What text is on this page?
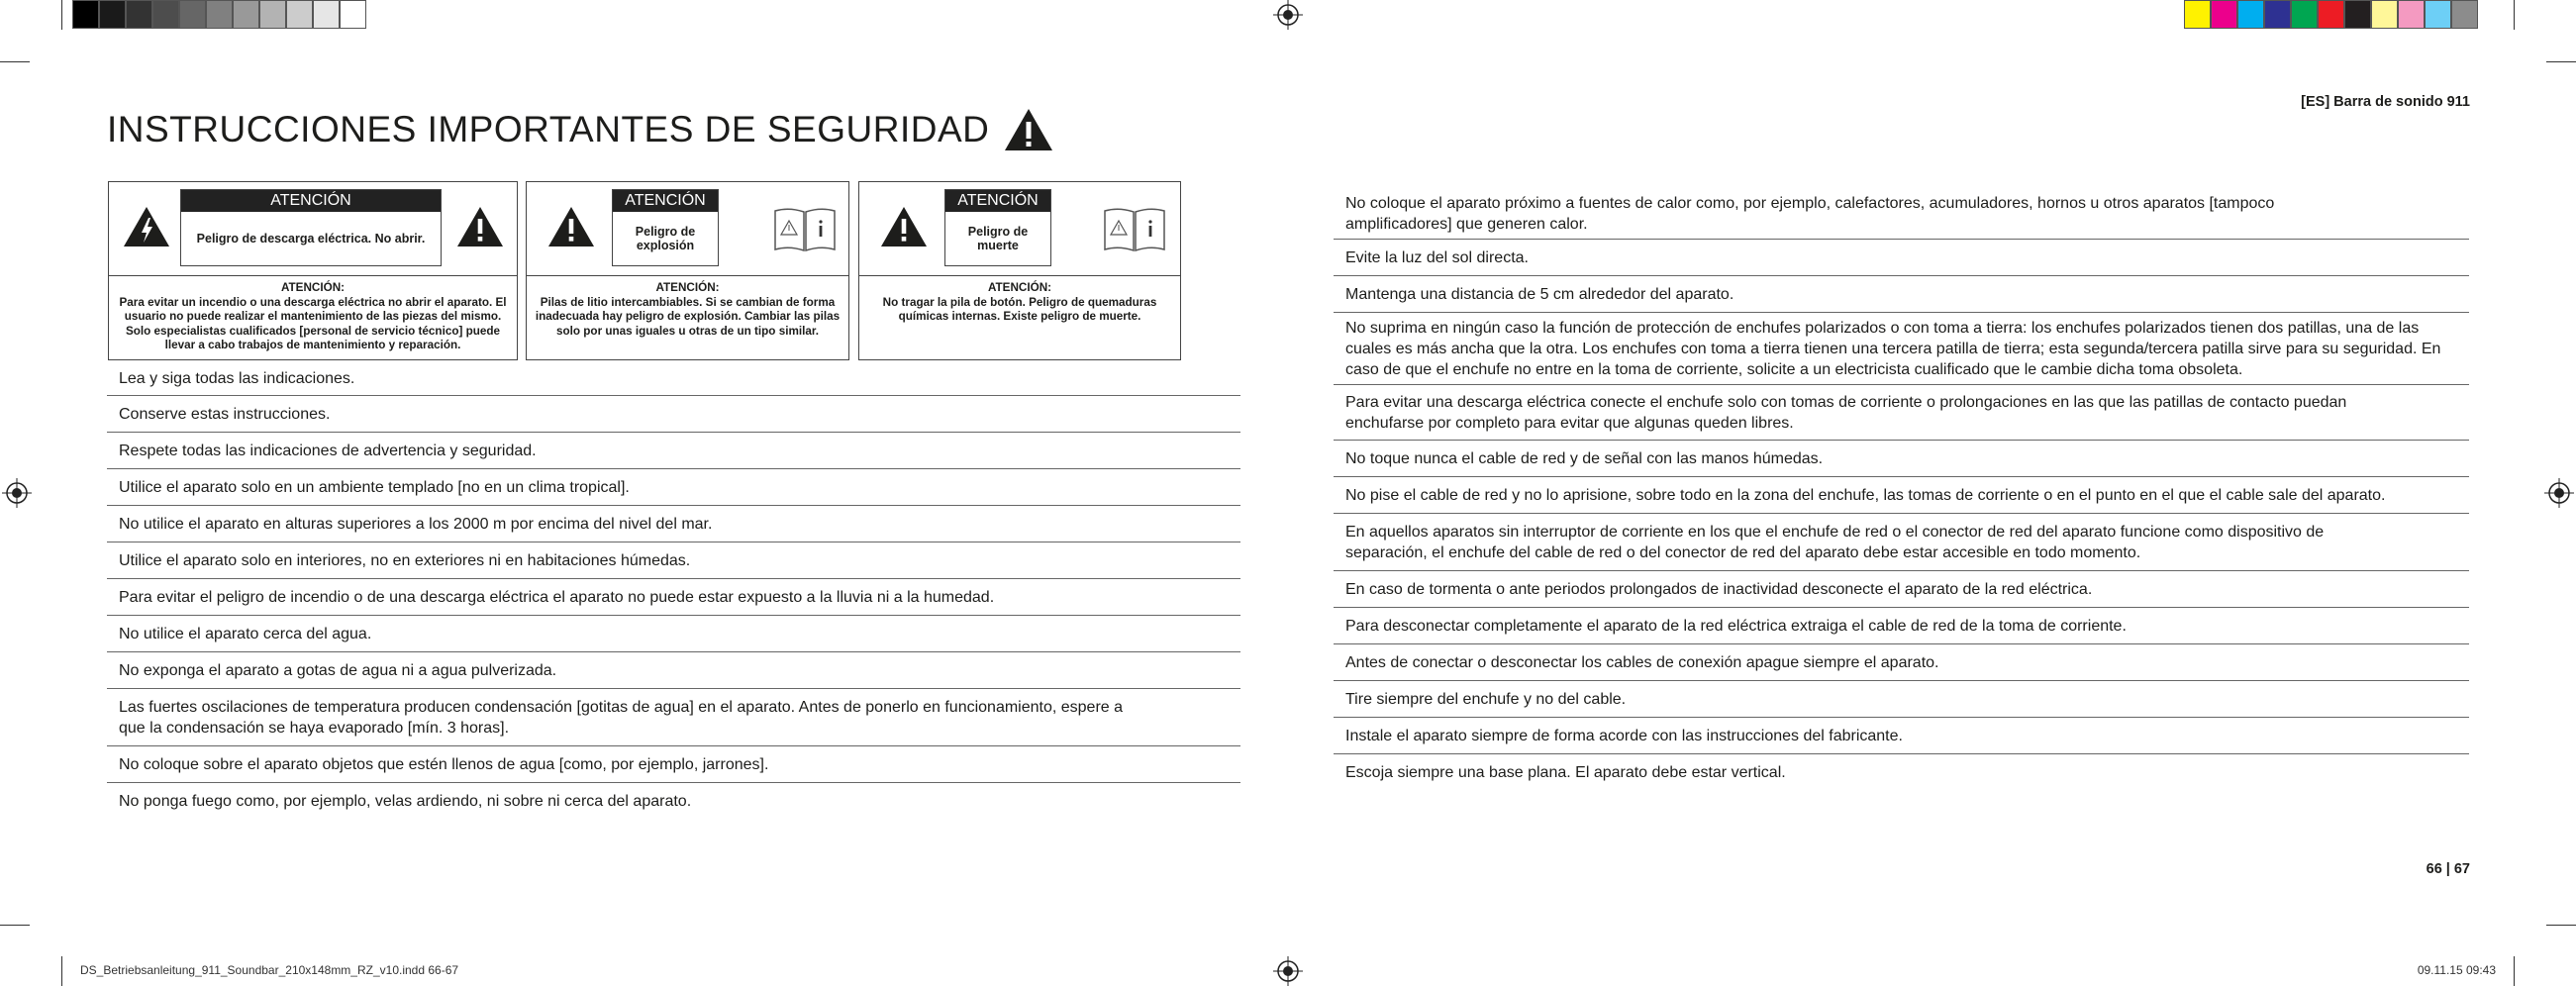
[ES] Barra de sonido 911
INSTRUCCIONES IMPORTANTES DE SEGURIDAD
ATENCIÓN
Peligro de descarga eléctrica. No abrir.
ATENCIÓN:
Para evitar un incendio o una descarga eléctrica no abrir el aparato. El usuario no puede realizar el mantenimiento de las piezas del mismo. Solo especialistas cualificados [personal de servicio técnico] puede llevar a cabo trabajos de mantenimiento y reparación.
ATENCIÓN
Peligro de explosión
ATENCIÓN:
Pilas de litio intercambiables. Si se cambian de forma inadecuada hay peligro de explosión. Cambiar las pilas solo por unas iguales u otras de un tipo similar.
ATENCIÓN
Peligro de muerte
ATENCIÓN:
No tragar la pila de botón. Peligro de quemaduras químicas internas. Existe peligro de muerte.
Lea y siga todas las indicaciones.
Conserve estas instrucciones.
Respete todas las indicaciones de advertencia y seguridad.
Utilice el aparato solo en un ambiente templado [no en un clima tropical].
No utilice el aparato en alturas superiores a los 2000 m por encima del nivel del mar.
Utilice el aparato solo en interiores, no en exteriores ni en habitaciones húmedas.
Para evitar el peligro de incendio o de una descarga eléctrica el aparato no puede estar expuesto a la lluvia ni a la humedad.
No utilice el aparato cerca del agua.
No exponga el aparato a gotas de agua ni a agua pulverizada.
Las fuertes oscilaciones de temperatura producen condensación [gotitas de agua] en el aparato. Antes de ponerlo en funcionamiento, espere a que la condensación se haya evaporado [mín. 3 horas].
No coloque sobre el aparato objetos que estén llenos de agua [como, por ejemplo, jarrones].
No ponga fuego como, por ejemplo, velas ardiendo, ni sobre ni cerca del aparato.
No coloque el aparato próximo a fuentes de calor como, por ejemplo, calefactores, acumuladores, hornos u otros aparatos [tampoco amplificadores] que generen calor.
Evite la luz del sol directa.
Mantenga una distancia de 5 cm alrededor del aparato.
No suprima en ningún caso la función de protección de enchufes polarizados o con toma a tierra: los enchufes polarizados tienen dos patillas, una de las cuales es más ancha que la otra. Los enchufes con toma a tierra tienen una tercera patilla de tierra; esta segunda/tercera patilla sirve para su seguridad. En caso de que el enchufe no entre en la toma de corriente, solicite a un electricista cualificado que le cambie dicha toma obsoleta.
Para evitar una descarga eléctrica conecte el enchufe solo con tomas de corriente o prolongaciones en las que las patillas de contacto puedan enchufarse por completo para evitar que algunas queden libres.
No toque nunca el cable de red y de señal con las manos húmedas.
No pise el cable de red y no lo aprisione, sobre todo en la zona del enchufe, las tomas de corriente o en el punto en el que el cable sale del aparato.
En aquellos aparatos sin interruptor de corriente en los que el enchufe de red o el conector de red del aparato funcione como dispositivo de separación, el enchufe del cable de red o del conector de red del aparato debe estar accesible en todo momento.
En caso de tormenta o ante periodos prolongados de inactividad desconecte el aparato de la red eléctrica.
Para desconectar completamente el aparato de la red eléctrica extraiga el cable de red de la toma de corriente.
Antes de conectar o desconectar los cables de conexión apague siempre el aparato.
Tire siempre del enchufe y no del cable.
Instale el aparato siempre de forma acorde con las instrucciones del fabricante.
Escoja siempre una base plana. El aparato debe estar vertical.
66 | 67
DS_Betriebsanleitung_911_Soundbar_210x148mm_RZ_v10.indd 66-67	09.11.15 09:43
